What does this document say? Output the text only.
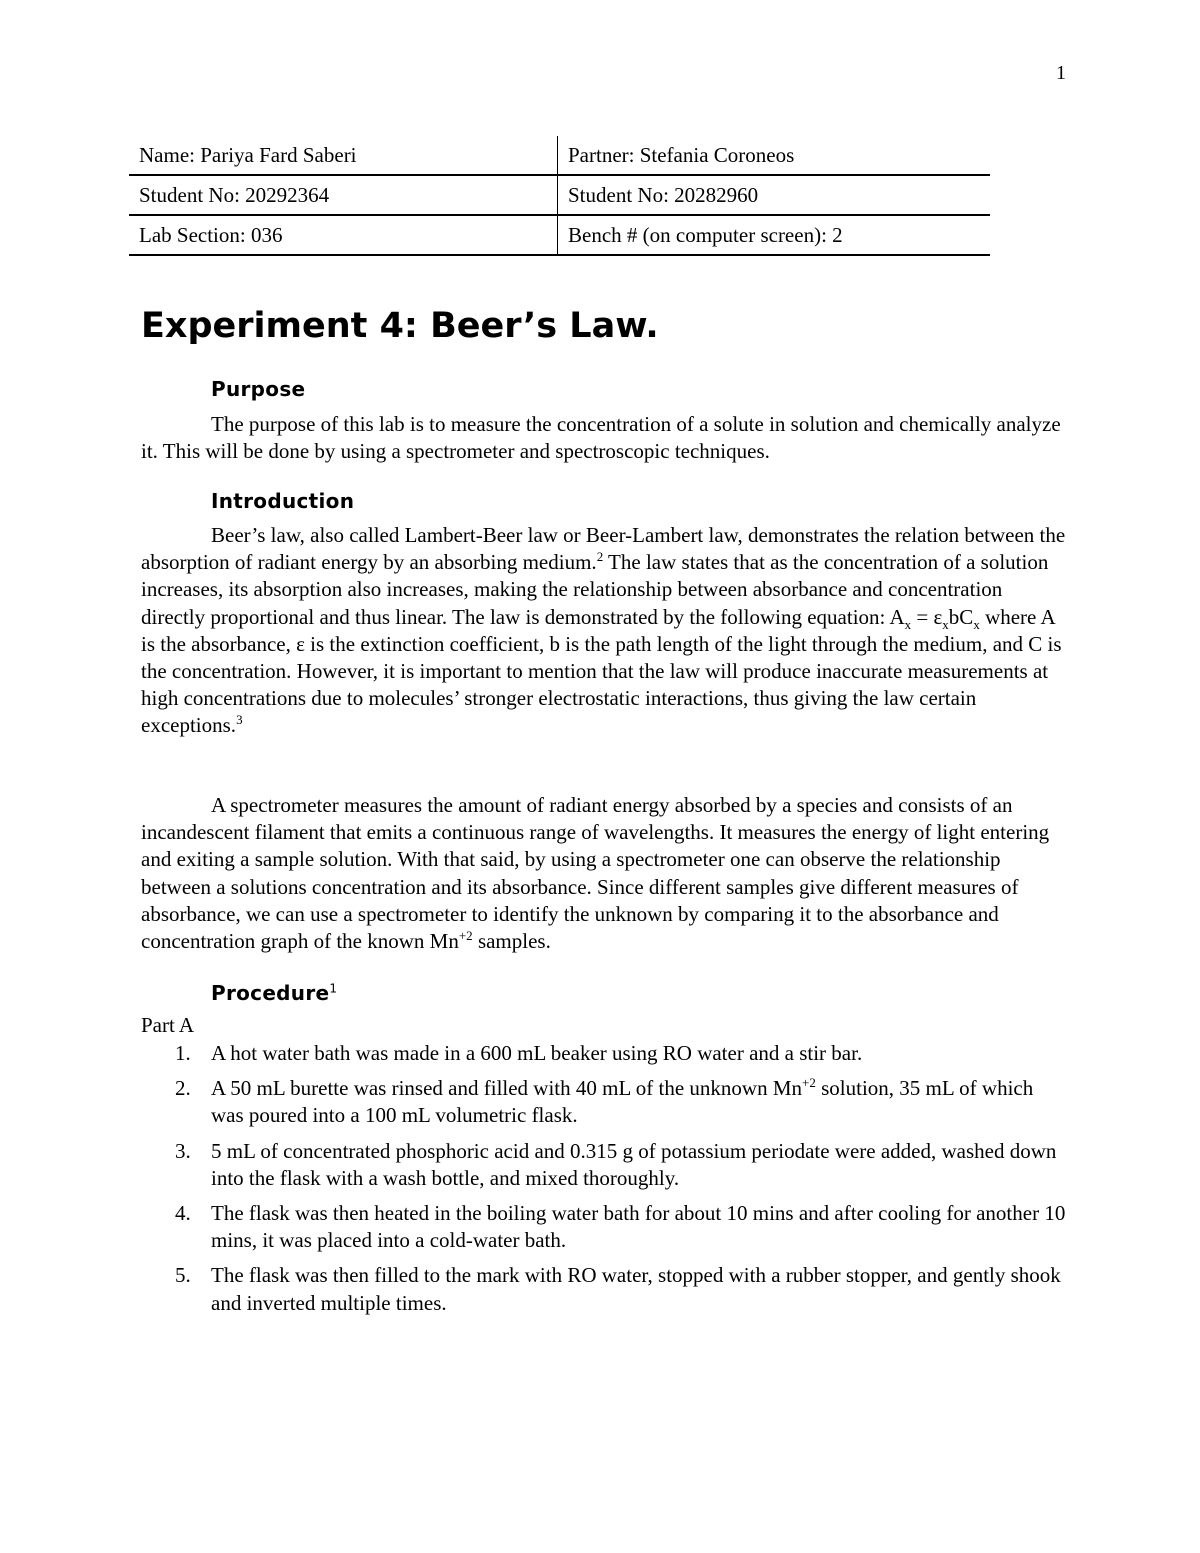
1
Name: Pariya Fard Saberi	Partner: Stefania Coroneos
Student No: 20292364	Student No: 20282960
Lab Section: 036	Bench # (on computer screen): 2
Experiment 4: Beer’s Law.
Purpose

The purpose of this lab is to measure the concentration of a solute in solution and chemically analyze it. This will be done by using a spectrometer and spectroscopic techniques.

Introduction

Beer’s law, also called Lambert-Beer law or Beer-Lambert law, demonstrates the relation between the absorption of radiant energy by an absorbing medium.$^2$ The law states that as the concentration of a solution increases, its absorption also increases, making the relationship between absorbance and concentration directly proportional and thus linear. The law is demonstrated by the following equation: $A_x = \varepsilon_xbC_x$ where A is the absorbance, ε is the extinction coefficient, b is the path length of the light through the medium, and C is the concentration. However, it is important to mention that the law will produce inaccurate measurements at high concentrations due to molecules’ stronger electrostatic interactions, thus giving the law certain exceptions.$^3$

A spectrometer measures the amount of radiant energy absorbed by a species and consists of an incandescent filament that emits a continuous range of wavelengths. It measures the energy of light entering and exiting a sample solution. With that said, by using a spectrometer one can observe the relationship between a solutions concentration and its absorbance. Since different samples give different measures of absorbance, we can use a spectrometer to identify the unknown by comparing it to the absorbance and concentration graph of the known $Mn^{+2}$ samples.

Procedure$^1$
Part A
1. A hot water bath was made in a 600 mL beaker using RO water and a stir bar.
2. A 50 mL burette was rinsed and filled with 40 mL of the unknown $Mn^{+2}$ solution, 35 mL of which was poured into a 100 mL volumetric flask.
3. 5 mL of concentrated phosphoric acid and 0.315 g of potassium periodate were added, washed down into the flask with a wash bottle, and mixed thoroughly.
4. The flask was then heated in the boiling water bath for about 10 mins and after cooling for another 10 mins, it was placed into a cold-water bath.
5. The flask was then filled to the mark with RO water, stopped with a rubber stopper, and gently shook and inverted multiple times.
